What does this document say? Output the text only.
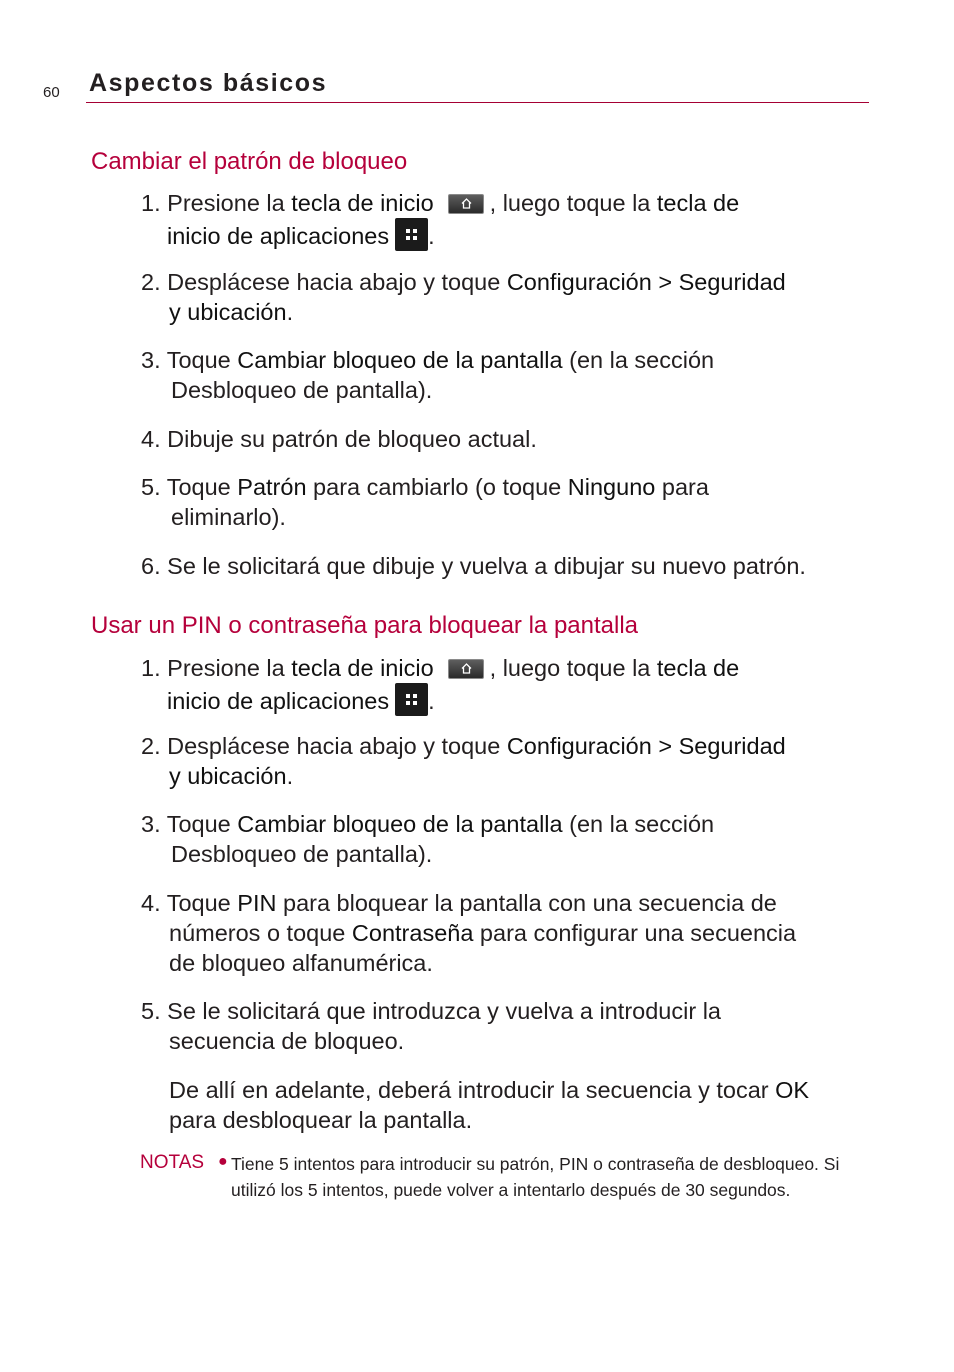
60 Aspectos básicos
Cambiar el patrón de bloqueo
1. Presione la tecla de inicio , luego toque la tecla de
inicio de aplicaciones .
2. Desplácese hacia abajo y toque Configuración > Seguridad
y ubicación.
3. Toque Cambiar bloqueo de la pantalla (en la sección
Desbloqueo de pantalla).
4. Dibuje su patrón de bloqueo actual.
5. Toque Patrón para cambiarlo (o toque Ninguno para
eliminarlo).
6. Se le solicitará que dibuje y vuelva a dibujar su nuevo patrón.
Usar un PIN o contraseña para bloquear la pantalla
1. Presione la tecla de inicio , luego toque la tecla de
inicio de aplicaciones .
2. Desplácese hacia abajo y toque Configuración > Seguridad
y ubicación.
3. Toque Cambiar bloqueo de la pantalla (en la sección
Desbloqueo de pantalla).
4. Toque PIN para bloquear la pantalla con una secuencia de
números o toque Contraseña para configurar una secuencia
de bloqueo alfanumérica.
5. Se le solicitará que introduzca y vuelva a introducir la
secuencia de bloqueo.
De allí en adelante, deberá introducir la secuencia y tocar OK
para desbloquear la pantalla.
NOTAS ● Tiene 5 intentos para introducir su patrón, PIN o contraseña de desbloqueo. Si utilizó los 5 intentos, puede volver a intentarlo después de 30 segundos.
